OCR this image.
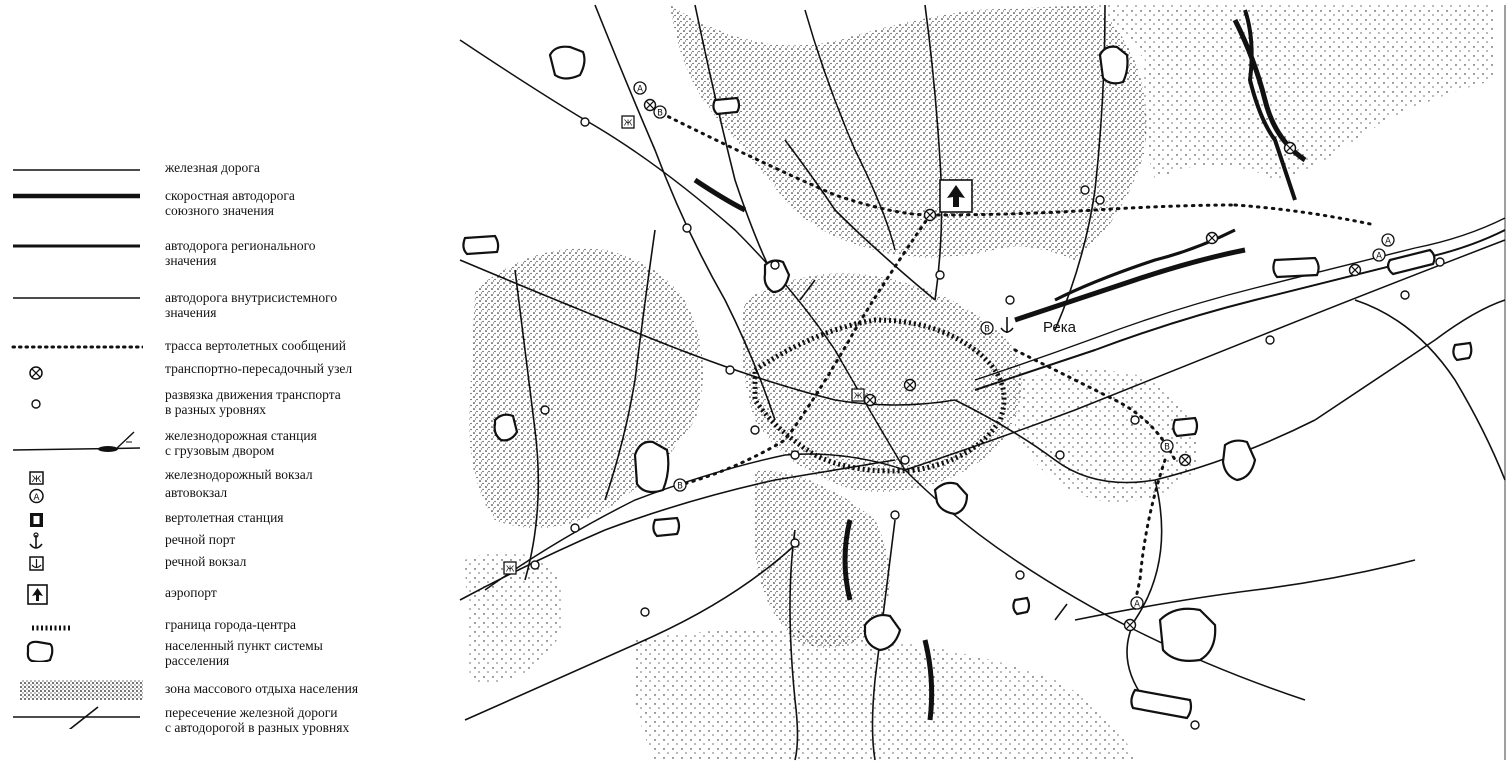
железная дорога
скоростная автодорога
союзного значения
автодорога регионального
значения
автодорога внутрисистемного
значения
трасса вертолетных сообщений
транспортно-пересадочный узел
развязка движения транспорта
в разных уровнях
железнодорожная станция
с грузовым двором
Ж	железнодорожный вокзал
А	автовокзал
вертолетная станция
речной порт
речной вокзал
аэропорт
граница города-центра
населенный пункт системы
расселения
зона массового отдыха населения
пересечение железной дороги
с автодорогой в разных уровнях
Река
А
А
А
А
В
В
В
В
Ж
Ж
Ж
